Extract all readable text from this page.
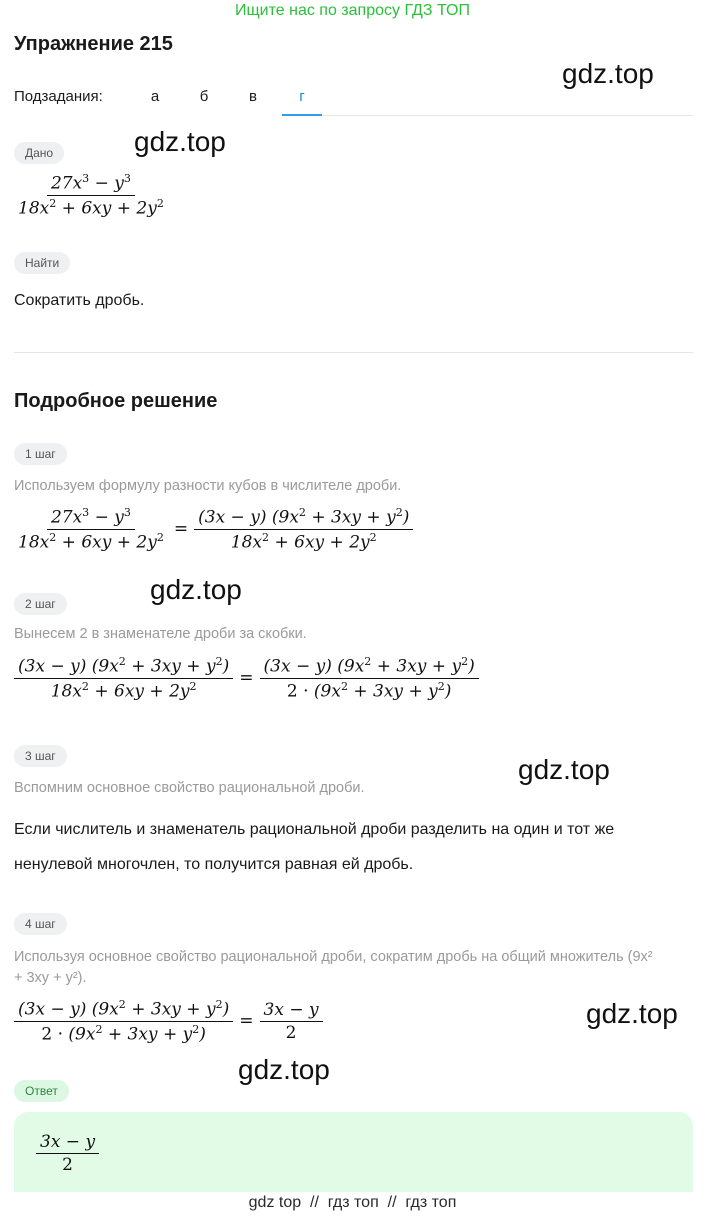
Ищите нас по запросу ГДЗ ТОП
Упражнение 215
gdz.top
gdz.top
gdz.top
gdz.top
gdz.top
gdz.top
Подзадания:	а	б	в	г
Дано
$\frac{27x^3 - y^3}{18x^2 + 6xy + 2y^2}$
Найти
Сократить дробь.
Подробное решение
1 шаг
Используем формулу разности кубов в числителе дроби.
$\frac{27x^3 - y^3}{18x^2 + 6xy + 2y^2} = \frac{(3x - y) (9x^2 + 3xy + y^2)}{18x^2 + 6xy + 2y^2}$
2 шаг
Вынесем 2 в знаменателе дроби за скобки.
$\frac{(3x - y) (9x^2 + 3xy + y^2)}{18x^2 + 6xy + 2y^2} = \frac{(3x - y) (9x^2 + 3xy + y^2)}{2 \cdot (9x^2 + 3xy + y^2)}$
3 шаг
Вспомним основное свойство рациональной дроби.
Если числитель и знаменатель рациональной дроби разделить на один и тот же ненулевой многочлен, то получится равная ей дробь.
4 шаг
Используя основное свойство рациональной дроби, сократим дробь на общий множитель (9x² + 3xy + y²).
$\frac{(3x - y) (9x^2 + 3xy + y^2)}{2 \cdot (9x^2 + 3xy + y^2)} = \frac{3x - y}{2}$
Ответ
$\frac{3x - y}{2}$
gdz top  //  гдз топ  //  гдз топ
